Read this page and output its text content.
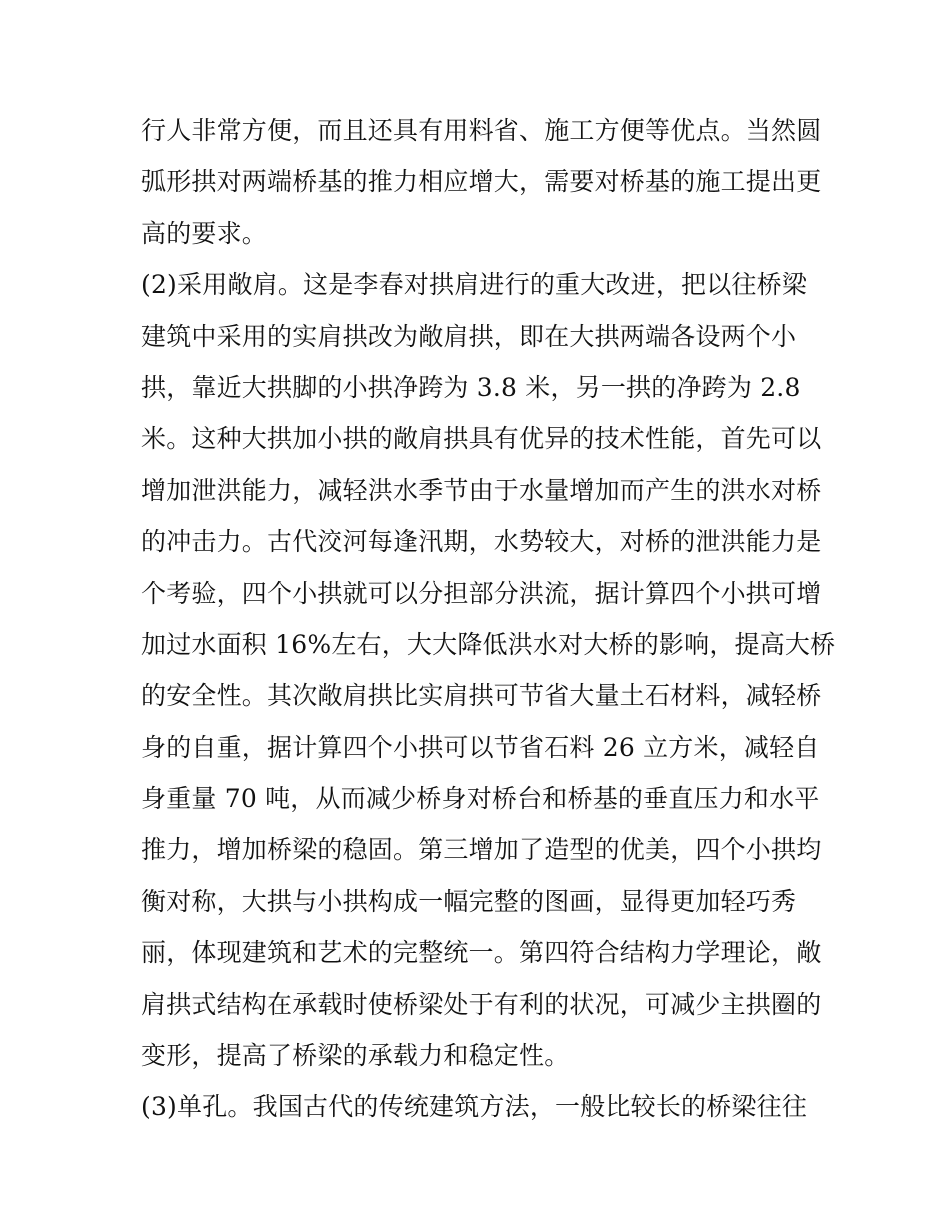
行人非常方便，而且还具有用料省、施工方便等优点。当然圆
弧形拱对两端桥基的推力相应增大，需要对桥基的施工提出更
高的要求。
(2)采用敞肩。这是李春对拱肩进行的重大改进，把以往桥梁
建筑中采用的实肩拱改为敞肩拱，即在大拱两端各设两个小
拱，靠近大拱脚的小拱净跨为 3.8 米，另一拱的净跨为 2.8
米。这种大拱加小拱的敞肩拱具有优异的技术性能，首先可以
增加泄洪能力，减轻洪水季节由于水量增加而产生的洪水对桥
的冲击力。古代洨河每逢汛期，水势较大，对桥的泄洪能力是
个考验，四个小拱就可以分担部分洪流，据计算四个小拱可增
加过水面积 16%左右，大大降低洪水对大桥的影响，提高大桥
的安全性。其次敞肩拱比实肩拱可节省大量土石材料，减轻桥
身的自重，据计算四个小拱可以节省石料 26 立方米，减轻自
身重量 70 吨，从而减少桥身对桥台和桥基的垂直压力和水平
推力，增加桥梁的稳固。第三增加了造型的优美，四个小拱均
衡对称，大拱与小拱构成一幅完整的图画，显得更加轻巧秀
丽，体现建筑和艺术的完整统一。第四符合结构力学理论，敞
肩拱式结构在承载时使桥梁处于有利的状况，可减少主拱圈的
变形，提高了桥梁的承载力和稳定性。
(3)单孔。我国古代的传统建筑方法，一般比较长的桥梁往往
